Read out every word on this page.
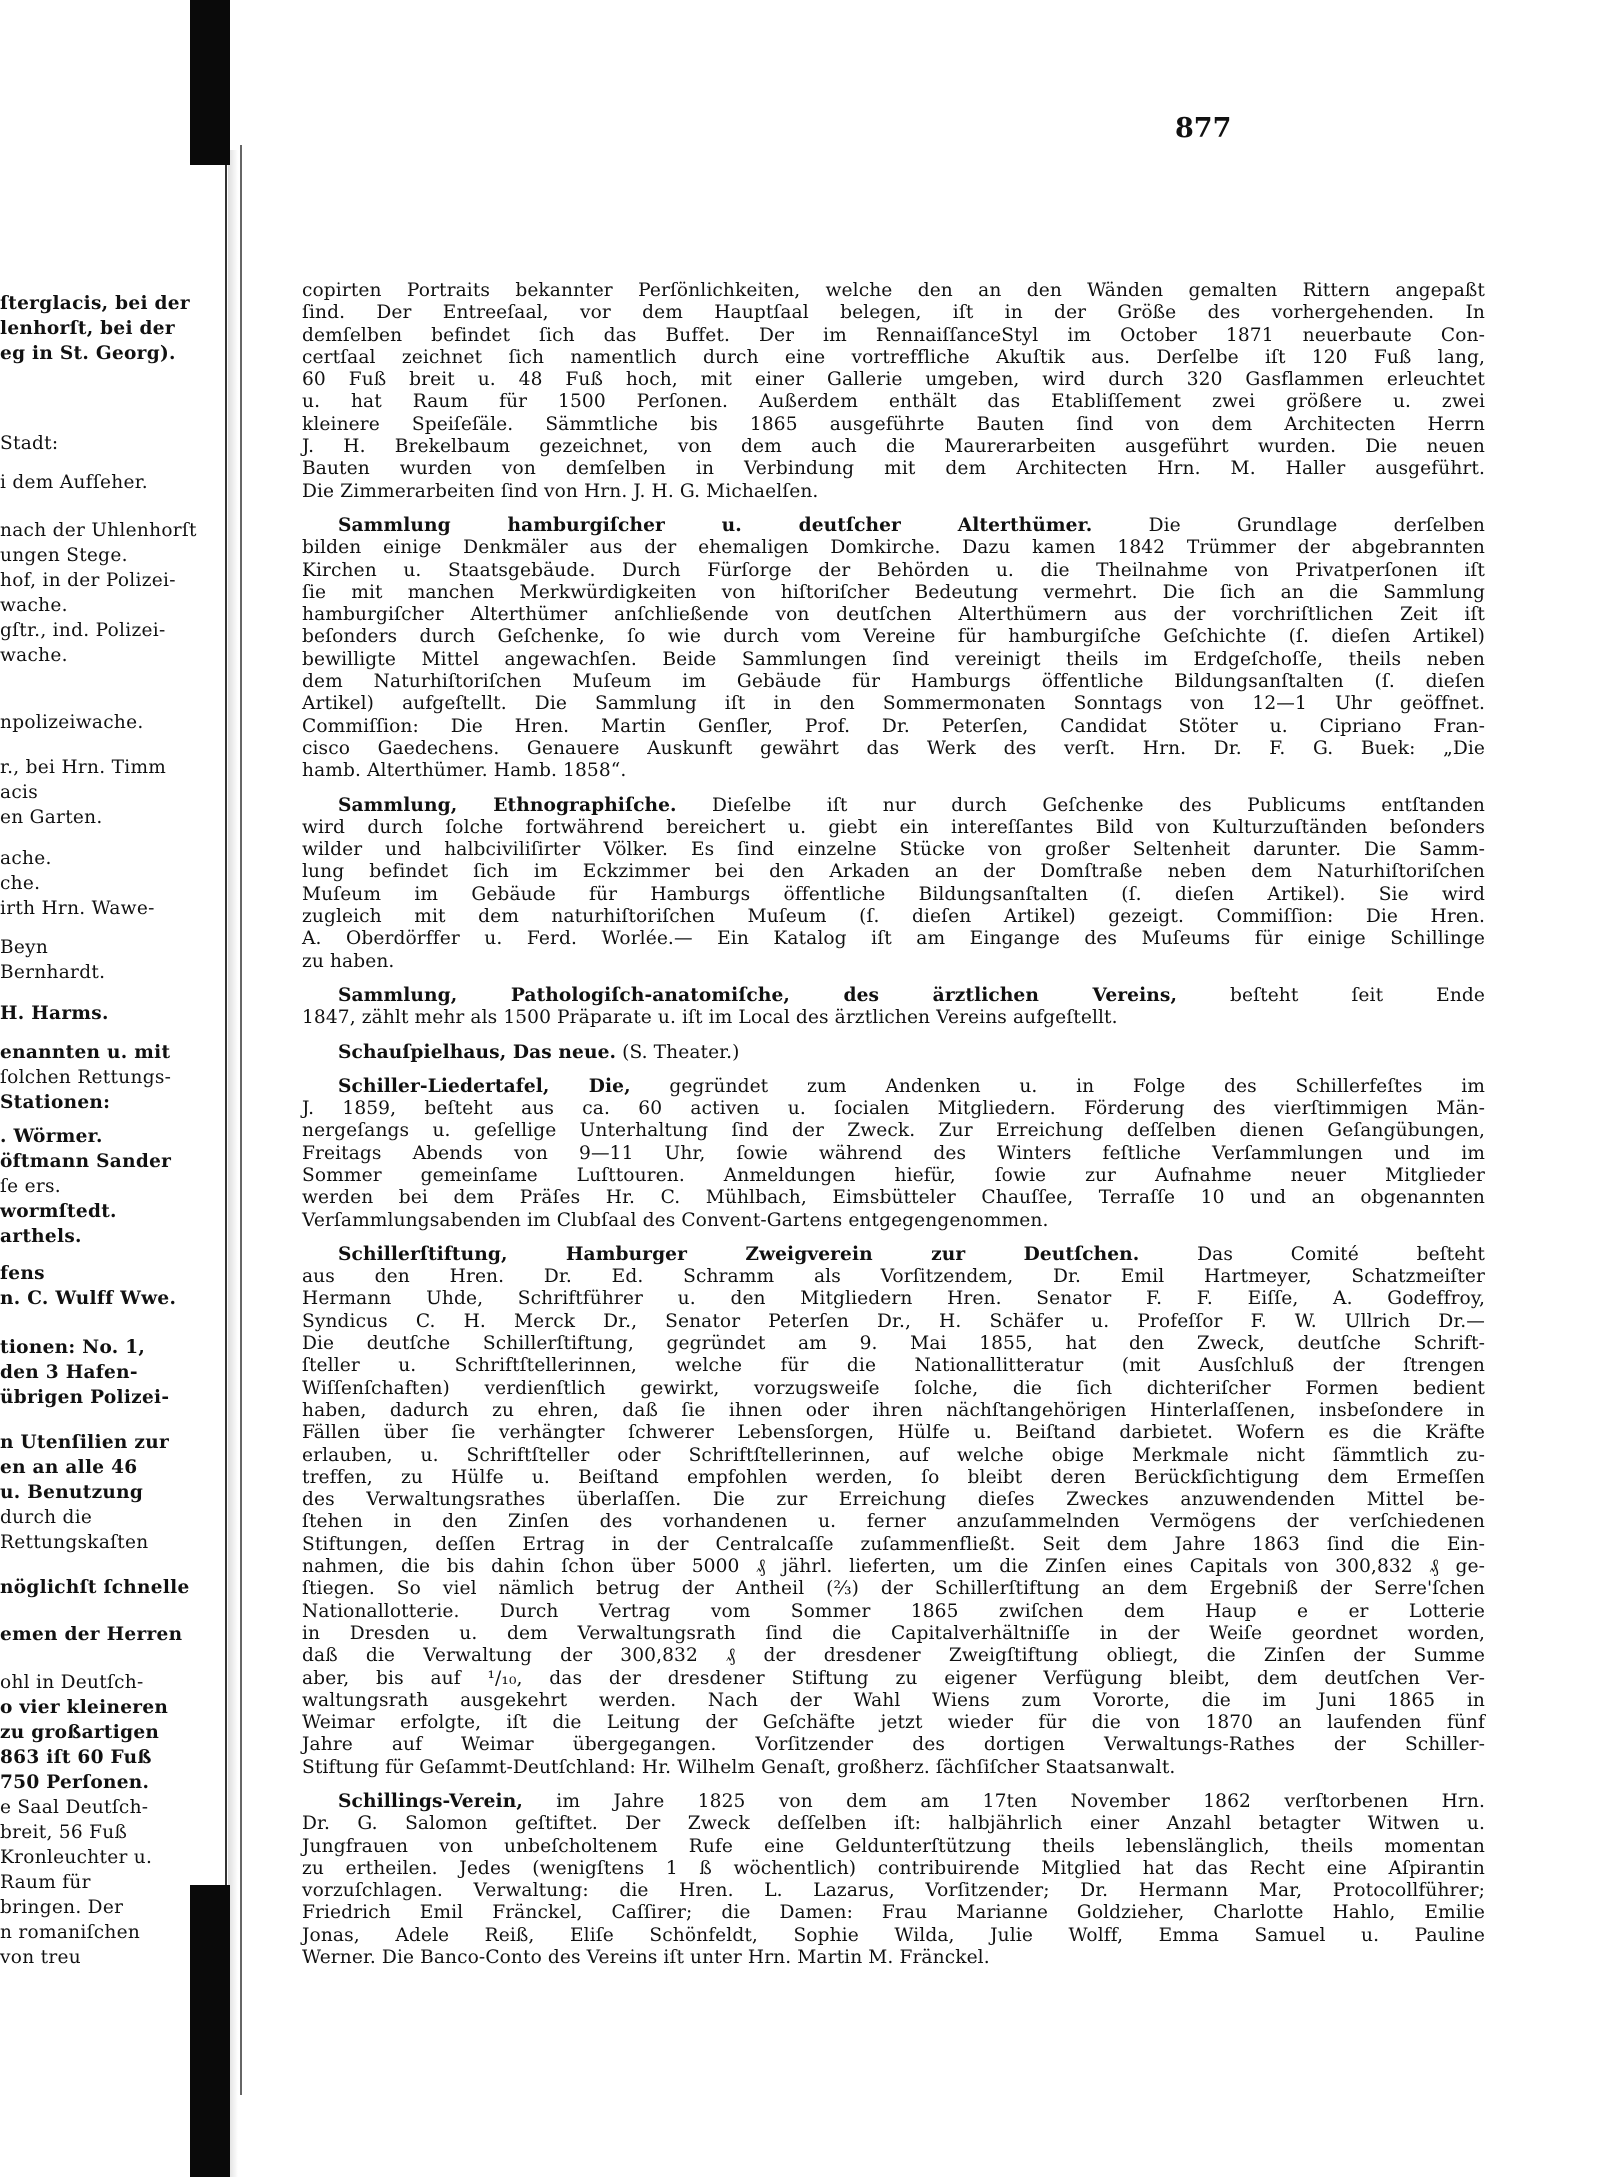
877
ſterglacis, bei der
lenhorſt, bei der
eg in St. Georg).
Stadt:
i dem Aufſeher.
nach der Uhlenhorſt
ungen Stege.
hof, in der Polizei-
wache.
gſtr., ind. Polizei-
wache.
npolizeiwache.
r., bei Hrn. Timm
acis
en Garten.
ache.
che.
irth Hrn. Wawe-
Beyn
Bernhardt.
H. Harms.
enannten u. mit
ſolchen Rettungs-
Stationen:
. Wörmer.
öftmann Sander
ſe ers.
wormſtedt.
arthels.
fens
n. C. Wulff Wwe.
tionen: No. 1,
den 3 Hafen-
übrigen Polizei-
n Utenſilien zur
en an alle 46
u. Benutzung
durch die
Rettungskaſten
nöglichſt ſchnelle
emen der Herren
ohl in Deutſch-
o vier kleineren
zu großartigen
863 iſt 60 Fuß
750 Perſonen.
e Saal Deutſch-
breit, 56 Fuß
Kronleuchter u.
Raum für
bringen. Der
n romaniſchen
von treu
copirten Portraits bekannter Perſönlichkeiten, welche den an den Wänden gemalten Rittern angepaßt
ſind. Der Entreeſaal, vor dem Hauptſaal belegen, iſt in der Größe des vorhergehenden. In
demſelben befindet ſich das Buffet. Der im RennaiſſanceStyl im October 1871 neuerbaute Con-
certſaal zeichnet ſich namentlich durch eine vortreffliche Akuſtik aus. Derſelbe iſt 120 Fuß lang,
60 Fuß breit u. 48 Fuß hoch, mit einer Gallerie umgeben, wird durch 320 Gasflammen erleuchtet
u. hat Raum für 1500 Perſonen. Außerdem enthält das Etabliſſement zwei größere u. zwei
kleinere Speiſeſäle. Sämmtliche bis 1865 ausgeführte Bauten ſind von dem Architecten Herrn
J. H. Brekelbaum gezeichnet, von dem auch die Maurerarbeiten ausgeführt wurden. Die neuen
Bauten wurden von demſelben in Verbindung mit dem Architecten Hrn. M. Haller ausgeführt.
Die Zimmerarbeiten ſind von Hrn. J. H. G. Michaelſen.
Sammlung hamburgiſcher u. deutſcher Alterthümer. Die Grundlage derſelben
bilden einige Denkmäler aus der ehemaligen Domkirche. Dazu kamen 1842 Trümmer der abgebrannten
Kirchen u. Staatsgebäude. Durch Fürſorge der Behörden u. die Theilnahme von Privatperſonen iſt
ſie mit manchen Merkwürdigkeiten von hiſtoriſcher Bedeutung vermehrt. Die ſich an die Sammlung
hamburgiſcher Alterthümer anſchließende von deutſchen Alterthümern aus der vorchriſtlichen Zeit iſt
beſonders durch Geſchenke, ſo wie durch vom Vereine für hamburgiſche Geſchichte (ſ. dieſen Artikel)
bewilligte Mittel angewachſen. Beide Sammlungen ſind vereinigt theils im Erdgeſchoſſe, theils neben
dem Naturhiſtoriſchen Muſeum im Gebäude für Hamburgs öffentliche Bildungsanſtalten (ſ. dieſen
Artikel) aufgeſtellt. Die Sammlung iſt in den Sommermonaten Sonntags von 12—1 Uhr geöffnet.
Commiſſion: Die Hren. Martin Genſler, Prof. Dr. Peterſen, Candidat Stöter u. Cipriano Fran-
cisco Gaedechens. Genauere Auskunft gewährt das Werk des verſt. Hrn. Dr. F. G. Buek: „Die
hamb. Alterthümer. Hamb. 1858“.
Sammlung, Ethnographiſche. Dieſelbe iſt nur durch Geſchenke des Publicums entſtanden
wird durch ſolche fortwährend bereichert u. giebt ein intereſſantes Bild von Kulturzuſtänden beſonders
wilder und halbciviliſirter Völker. Es ſind einzelne Stücke von großer Seltenheit darunter. Die Samm-
lung befindet ſich im Eckzimmer bei den Arkaden an der Domſtraße neben dem Naturhiſtoriſchen
Muſeum im Gebäude für Hamburgs öffentliche Bildungsanſtalten (ſ. dieſen Artikel). Sie wird
zugleich mit dem naturhiſtoriſchen Muſeum (ſ. dieſen Artikel) gezeigt. Commiſſion: Die Hren.
A. Oberdörffer u. Ferd. Worlée.— Ein Katalog iſt am Eingange des Muſeums für einige Schillinge
zu haben.
Sammlung, Pathologiſch-anatomiſche, des ärztlichen Vereins, beſteht ſeit Ende
1847, zählt mehr als 1500 Präparate u. iſt im Local des ärztlichen Vereins aufgeſtellt.
Schauſpielhaus, Das neue. (S. Theater.)
Schiller-Liedertafel, Die, gegründet zum Andenken u. in Folge des Schillerfeſtes im
J. 1859, beſteht aus ca. 60 activen u. ſocialen Mitgliedern. Förderung des vierſtimmigen Män-
nergeſangs u. geſellige Unterhaltung ſind der Zweck. Zur Erreichung deſſelben dienen Geſangübungen,
Freitags Abends von 9—11 Uhr, ſowie während des Winters feſtliche Verſammlungen und im
Sommer gemeinſame Luſttouren. Anmeldungen hiefür, ſowie zur Aufnahme neuer Mitglieder
werden bei dem Präſes Hr. C. Mühlbach, Eimsbütteler Chauſſee, Terraſſe 10 und an obgenannten
Verſammlungsabenden im Clubſaal des Convent-Gartens entgegengenommen.
Schillerſtiftung, Hamburger Zweigverein zur Deutſchen. Das Comité beſteht
aus den Hren. Dr. Ed. Schramm als Vorſitzendem, Dr. Emil Hartmeyer, Schatzmeiſter
Hermann Uhde, Schriftführer u. den Mitgliedern Hren. Senator F. F. Eiſſe, A. Godeffroy,
Syndicus C. H. Merck Dr., Senator Peterſen Dr., H. Schäfer u. Profeſſor F. W. Ullrich Dr.—
Die deutſche Schillerſtiftung, gegründet am 9. Mai 1855, hat den Zweck, deutſche Schrift-
ſteller u. Schriftſtellerinnen, welche für die Nationallitteratur (mit Ausſchluß der ſtrengen
Wiſſenſchaften) verdienſtlich gewirkt, vorzugsweiſe ſolche, die ſich dichteriſcher Formen bedient
haben, dadurch zu ehren, daß ſie ihnen oder ihren nächſtangehörigen Hinterlaſſenen, insbeſondere in
Fällen über ſie verhängter ſchwerer Lebensſorgen, Hülfe u. Beiſtand darbietet. Wofern es die Kräfte
erlauben, u. Schriftſteller oder Schriftſtellerinnen, auf welche obige Merkmale nicht ſämmtlich zu-
treffen, zu Hülfe u. Beiſtand empfohlen werden, ſo bleibt deren Berückſichtigung dem Ermeſſen
des Verwaltungsrathes überlaſſen. Die zur Erreichung dieſes Zweckes anzuwendenden Mittel be-
ſtehen in den Zinſen des vorhandenen u. ferner anzuſammelnden Vermögens der verſchiedenen
Stiftungen, deſſen Ertrag in der Centralcaſſe zuſammenfließt. Seit dem Jahre 1863 ſind die Ein-
nahmen, die bis dahin ſchon über 5000 ₰ jährl. lieferten, um die Zinſen eines Capitals von 300,832 ₰ ge-
ſtiegen. So viel nämlich betrug der Antheil (⅔) der Schillerſtiftung an dem Ergebniß der Serre'ſchen
Nationallotterie. Durch Vertrag vom Sommer 1865 zwiſchen dem Haup e er Lotterie
in Dresden u. dem Verwaltungsrath ſind die Capitalverhältniſſe in der Weiſe geordnet worden,
daß die Verwaltung der 300,832 ₰ der dresdener Zweigſtiftung obliegt, die Zinſen der Summe
aber, bis auf ¹/₁₀, das der dresdener Stiftung zu eigener Verfügung bleibt, dem deutſchen Ver-
waltungsrath ausgekehrt werden. Nach der Wahl Wiens zum Vororte, die im Juni 1865 in
Weimar erfolgte, iſt die Leitung der Geſchäfte jetzt wieder für die von 1870 an laufenden fünf
Jahre auf Weimar übergegangen. Vorſitzender des dortigen Verwaltungs-Rathes der Schiller-
Stiftung für Geſammt-Deutſchland: Hr. Wilhelm Genaſt, großherz. ſächſiſcher Staatsanwalt.
Schillings-Verein, im Jahre 1825 von dem am 17ten November 1862 verſtorbenen Hrn.
Dr. G. Salomon geſtiftet. Der Zweck deſſelben iſt: halbjährlich einer Anzahl betagter Witwen u.
Jungfrauen von unbeſcholtenem Rufe eine Geldunterſtützung theils lebenslänglich, theils momentan
zu ertheilen. Jedes (wenigſtens 1 ß wöchentlich) contribuirende Mitglied hat das Recht eine Aſpirantin
vorzuſchlagen. Verwaltung: die Hren. L. Lazarus, Vorſitzender; Dr. Hermann Mar, Protocollführer;
Friedrich Emil Fränckel, Caſſirer; die Damen: Frau Marianne Goldzieher, Charlotte Hahlo, Emilie
Jonas, Adele Reiß, Eliſe Schönfeldt, Sophie Wilda, Julie Wolff, Emma Samuel u. Pauline
Werner. Die Banco-Conto des Vereins iſt unter Hrn. Martin M. Fränckel.
